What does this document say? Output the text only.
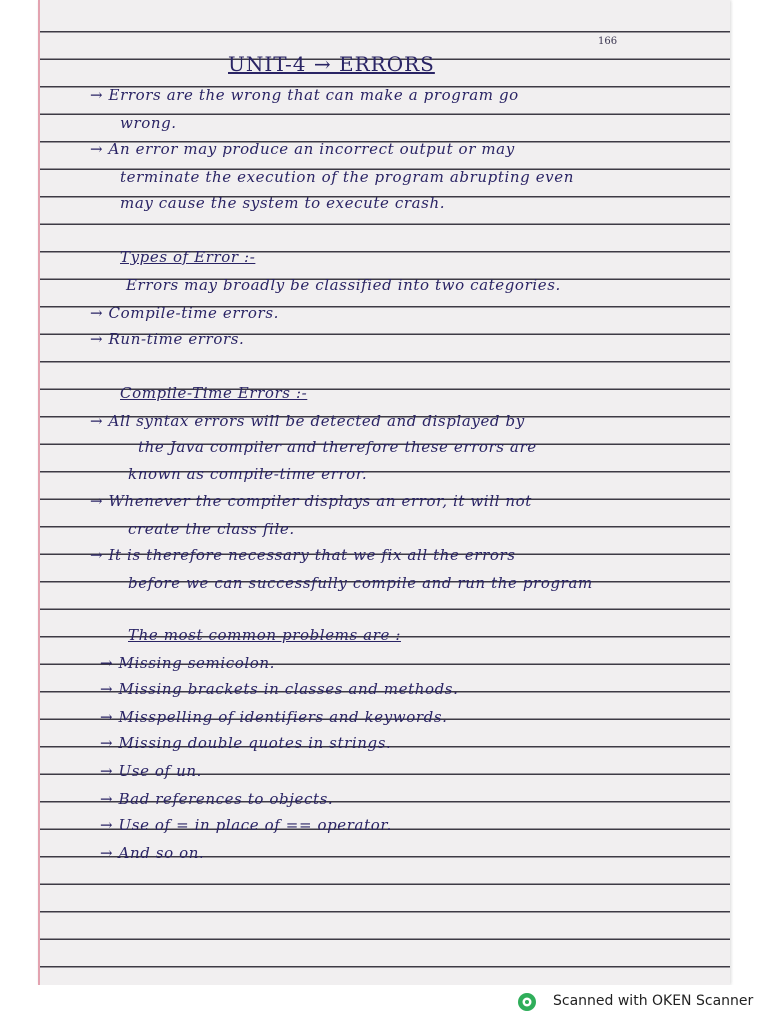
166
UNIT-4 → ERRORS
→ Errors are the wrong that can make a program go
wrong.
→ An error may produce an incorrect output or may
terminate the execution of the program abrupting even
may cause the system to execute crash.
Types of Error :-
Errors may broadly be classified into two categories.
→ Compile-time errors.
→ Run-time errors.
Compile-Time Errors :-
→ All syntax errors will be detected and displayed by
the Java compiler and therefore these errors are
known as compile-time error.
→ Whenever the compiler displays an error, it will not
create the class file.
→ It is therefore necessary that we fix all the errors
before we can successfully compile and run the program
The most common problems are :
→ Missing semicolon.
→ Missing brackets in classes and methods.
→ Misspelling of identifiers and keywords.
→ Missing double quotes in strings.
→ Use of un.
→ Bad references to objects.
→ Use of = in place of == operator.
→ And so on.
Scanned with OKEN Scanner
